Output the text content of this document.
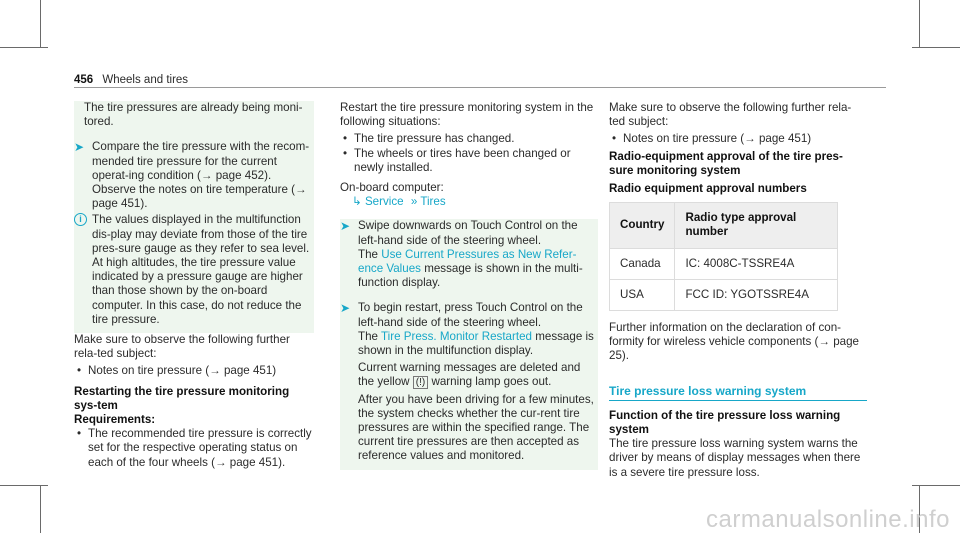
456 Wheels and tires

The tire pressures are already being moni-tored.

➤ Compare the tire pressure with the recom-mended tire pressure for the current operat-ing condition (→ page 452). Observe the notes on tire temperature (→ page 451).

i The values displayed in the multifunction dis-play may deviate from those of the tire pres-sure gauge as they refer to sea level. At high altitudes, the tire pressure value indicated by a pressure gauge are higher than those shown by the on-board computer. In this case, do not reduce the tire pressure.

Make sure to observe the following further rela-ted subject:

• Notes on tire pressure (→ page 451)

Restarting the tire pressure monitoring sys-tem

Requirements:

• The recommended tire pressure is correctly set for the respective operating status on each of the four wheels (→ page 451).

Restart the tire pressure monitoring system in the following situations:

• The tire pressure has changed.
• The wheels or tires have been changed or newly installed.

On-board computer:

↳ Service » Tires

➤ Swipe downwards on Touch Control on the left-hand side of the steering wheel.

The Use Current Pressures as New Refer-ence Values message is shown in the multi-function display.

➤ To begin restart, press Touch Control on the left-hand side of the steering wheel.

The Tire Press. Monitor Restarted message is shown in the multifunction display.

Current warning messages are deleted and the yellow (!) warning lamp goes out.

After you have been driving for a few minutes, the system checks whether the cur-rent tire pressures are within the specified range. The current tire pressures are then accepted as reference values and monitored.

Make sure to observe the following further rela-ted subject:

• Notes on tire pressure (→ page 451)

Radio-equipment approval of the tire pres-sure monitoring system

Radio equipment approval numbers

Country	Radio type approval number
Canada	IC: 4008C-TSSRE4A
USA	FCC ID: YGOTSSRE4A

Further information on the declaration of con-formity for wireless vehicle components (→ page 25).

Tire pressure loss warning system

Function of the tire pressure loss warning system

The tire pressure loss warning system warns the driver by means of display messages when there is a severe tire pressure loss.

carmanualsonline.info
